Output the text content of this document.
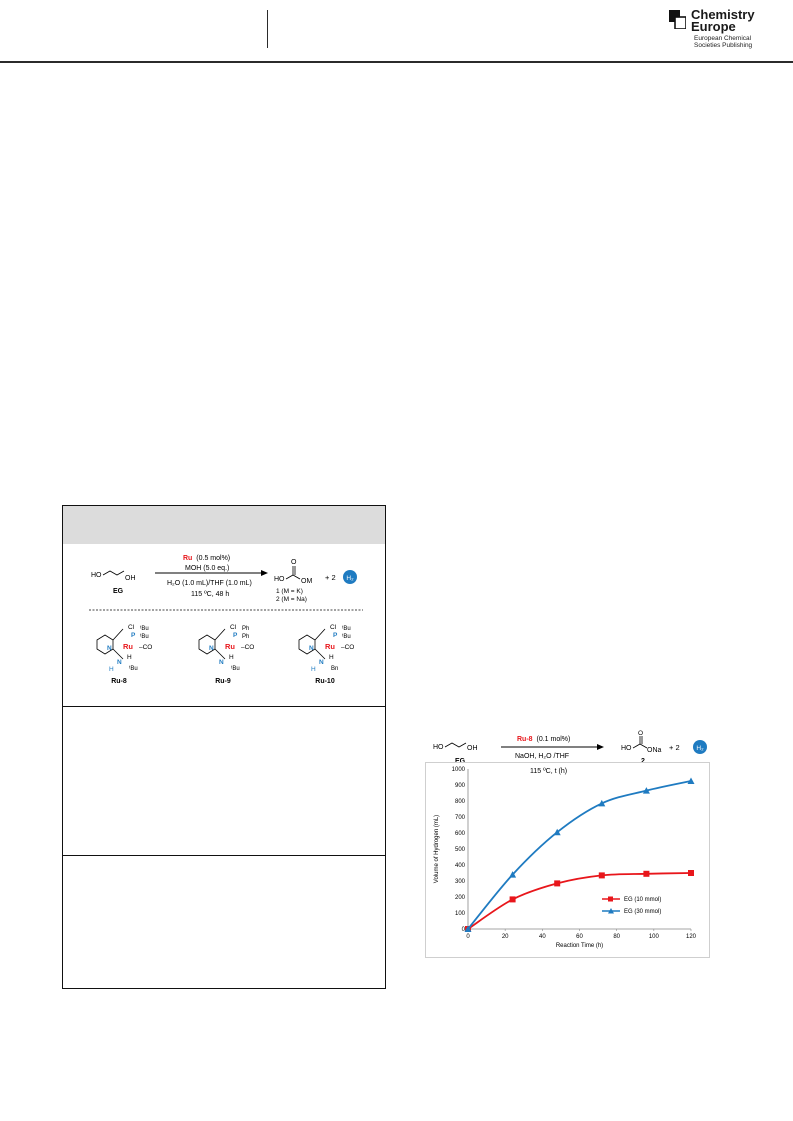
Chemistry
Europe
European Chemical
Societies Publishing
HO	OH
EG
Ru (0.5 mol%)
MOH (5.0 eq.)
H₂O (1.0 mL)/THF (1.0 mL)
115 ºC, 48 h
HO
O
OM
1 (M = K)
2 (M = Na)
+ 2 H₂
N Ru –CO
Cl
P
ᵗBu
ᵗBu
H
N
H	ᵗBu
Ru-8
N Ru –CO
Cl
P
Ph
Ph
H
N
ᵗBu
Ru-9
N Ru –CO
Cl
P
ᵗBu
ᵗBu
H
N
H	Bn
Ru-10
HO	OH
EG
Ru-8 (0.1 mol%)
NaOH, H₂O /THF
HO
O
ONa
2
+ 2	H₂
0
100
200
300
400
500
600
700
800
900
1000
0	20	40	60	80	100	120
Reaction Time (h)
Volume of Hydrogen (mL)
EG (10 mmol)
EG (30 mmol)
115 ºC, t (h)
